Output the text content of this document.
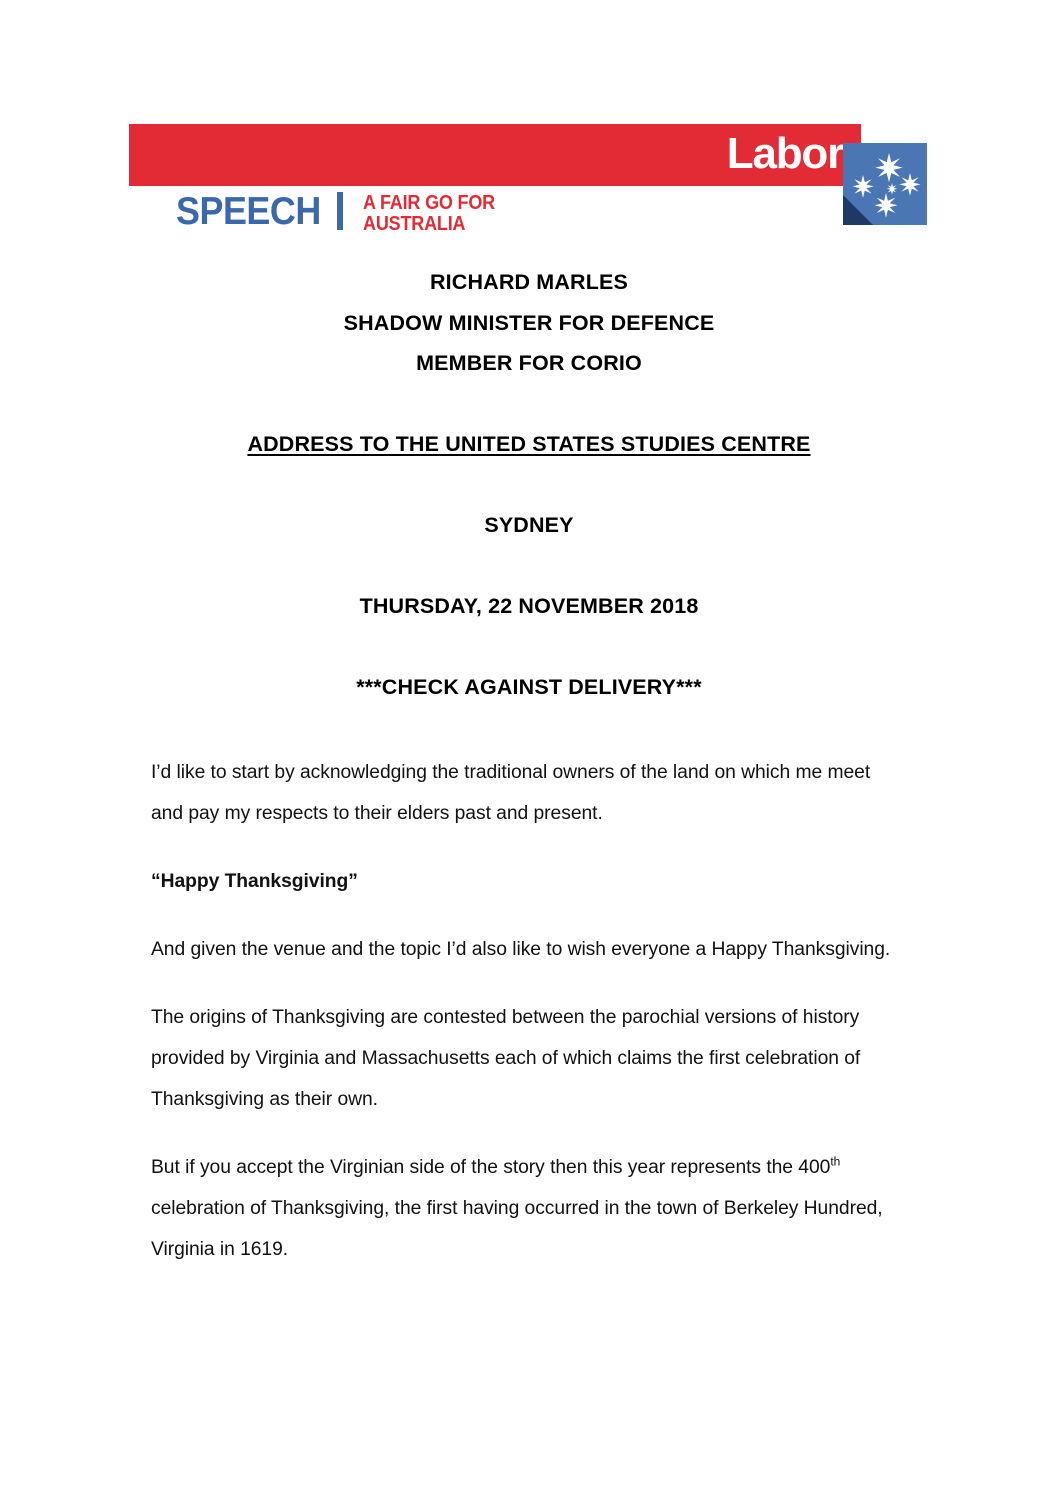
Labor
SPEECH A FAIR GO FOR
AUSTRALIA
RICHARD MARLES
SHADOW MINISTER FOR DEFENCE
MEMBER FOR CORIO
ADDRESS TO THE UNITED STATES STUDIES CENTRE
SYDNEY
THURSDAY, 22 NOVEMBER 2018
***CHECK AGAINST DELIVERY***

I’d like to start by acknowledging the traditional owners of the land on which me meet and pay my respects to their elders past and present.

“Happy Thanksgiving”

And given the venue and the topic I’d also like to wish everyone a Happy Thanksgiving.

The origins of Thanksgiving are contested between the parochial versions of history provided by Virginia and Massachusetts each of which claims the first celebration of Thanksgiving as their own.

But if you accept the Virginian side of the story then this year represents the 400th celebration of Thanksgiving, the first having occurred in the town of Berkeley Hundred, Virginia in 1619.
